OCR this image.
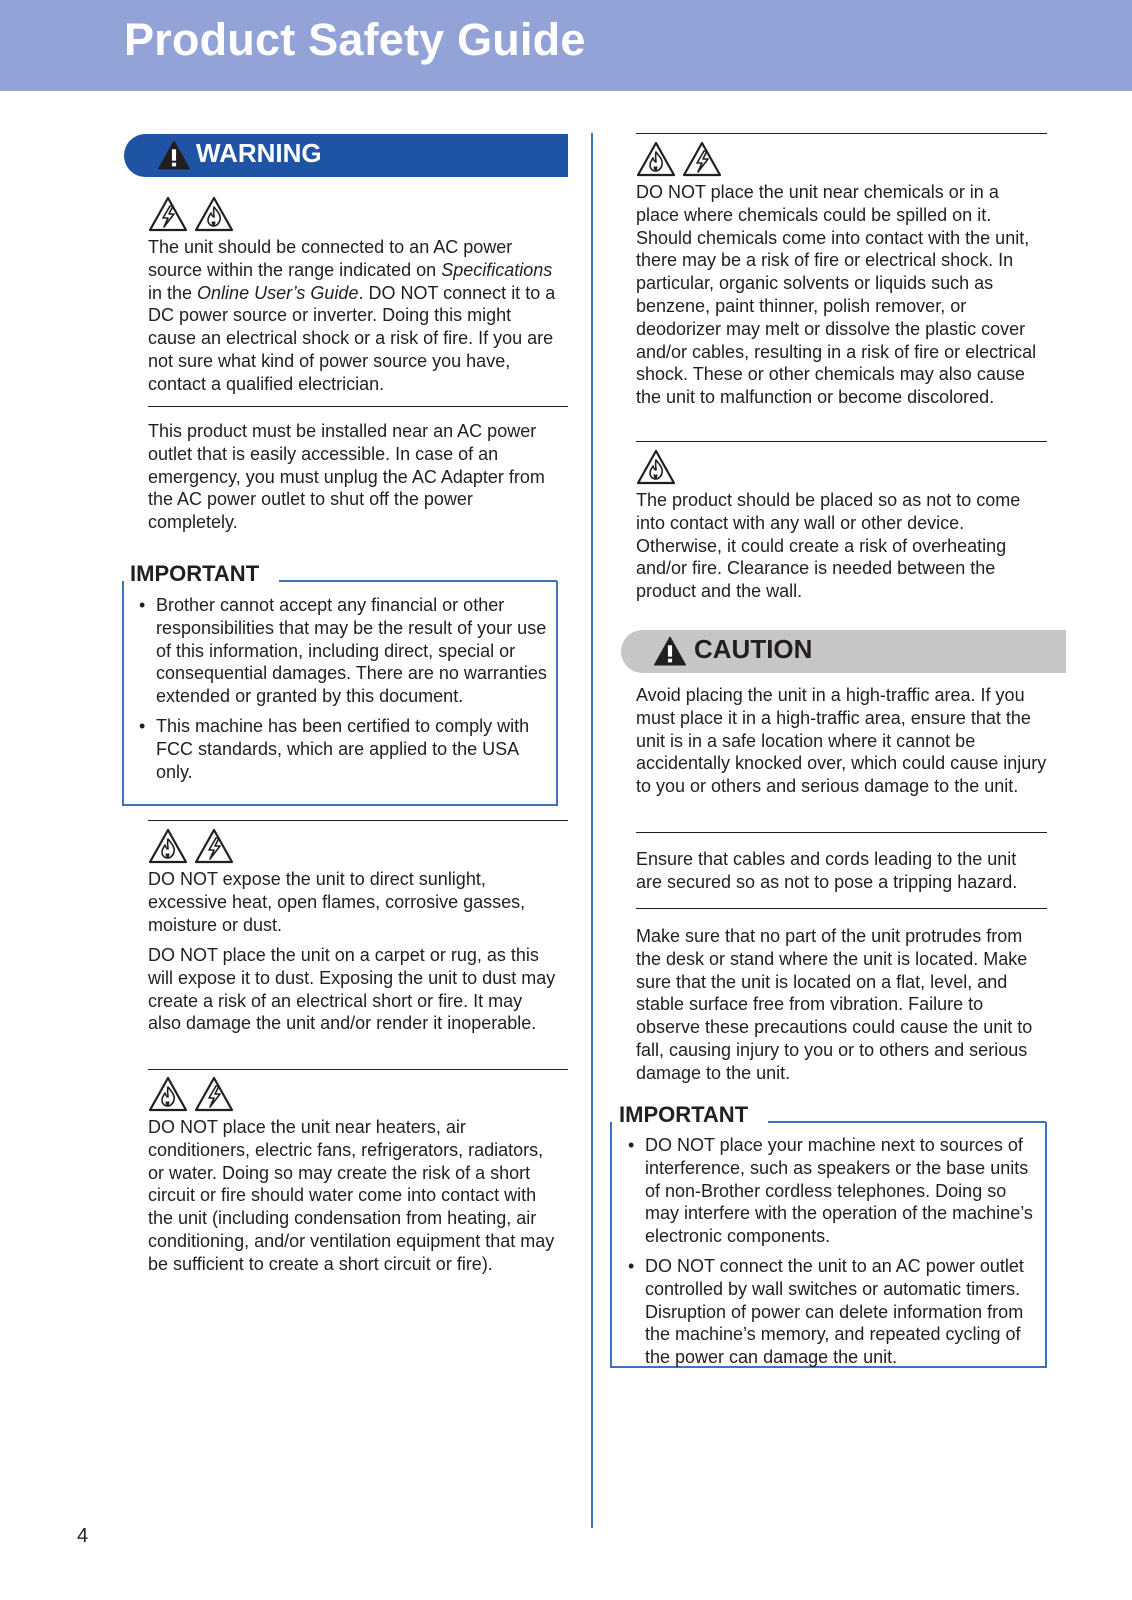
Product Safety Guide
WARNING

The unit should be connected to an AC power source within the range indicated on Specifications in the Online User’s Guide. DO NOT connect it to a DC power source or inverter. Doing this might cause an electrical shock or a risk of fire. If you are not sure what kind of power source you have, contact a qualified electrician.

This product must be installed near an AC power outlet that is easily accessible. In case of an emergency, you must unplug the AC Adapter from the AC power outlet to shut off the power completely.

IMPORTANT
• Brother cannot accept any financial or other responsibilities that may be the result of your use of this information, including direct, special or consequential damages. There are no warranties extended or granted by this document.
• This machine has been certified to comply with FCC standards, which are applied to the USA only.

DO NOT expose the unit to direct sunlight, excessive heat, open flames, corrosive gasses, moisture or dust.

DO NOT place the unit on a carpet or rug, as this will expose it to dust. Exposing the unit to dust may create a risk of an electrical short or fire. It may also damage the unit and/or render it inoperable.

DO NOT place the unit near heaters, air conditioners, electric fans, refrigerators, radiators, or water. Doing so may create the risk of a short circuit or fire should water come into contact with the unit (including condensation from heating, air conditioning, and/or ventilation equipment that may be sufficient to create a short circuit or fire).

4

DO NOT place the unit near chemicals or in a place where chemicals could be spilled on it. Should chemicals come into contact with the unit, there may be a risk of fire or electrical shock. In particular, organic solvents or liquids such as benzene, paint thinner, polish remover, or deodorizer may melt or dissolve the plastic cover and/or cables, resulting in a risk of fire or electrical shock. These or other chemicals may also cause the unit to malfunction or become discolored.

The product should be placed so as not to come into contact with any wall or other device. Otherwise, it could create a risk of overheating and/or fire. Clearance is needed between the product and the wall.

CAUTION

Avoid placing the unit in a high-traffic area. If you must place it in a high-traffic area, ensure that the unit is in a safe location where it cannot be accidentally knocked over, which could cause injury to you or others and serious damage to the unit.

Ensure that cables and cords leading to the unit are secured so as not to pose a tripping hazard.

Make sure that no part of the unit protrudes from the desk or stand where the unit is located. Make sure that the unit is located on a flat, level, and stable surface free from vibration. Failure to observe these precautions could cause the unit to fall, causing injury to you or to others and serious damage to the unit.

IMPORTANT
• DO NOT place your machine next to sources of interference, such as speakers or the base units of non-Brother cordless telephones. Doing so may interfere with the operation of the machine’s electronic components.
• DO NOT connect the unit to an AC power outlet controlled by wall switches or automatic timers. Disruption of power can delete information from the machine’s memory, and repeated cycling of the power can damage the unit.
